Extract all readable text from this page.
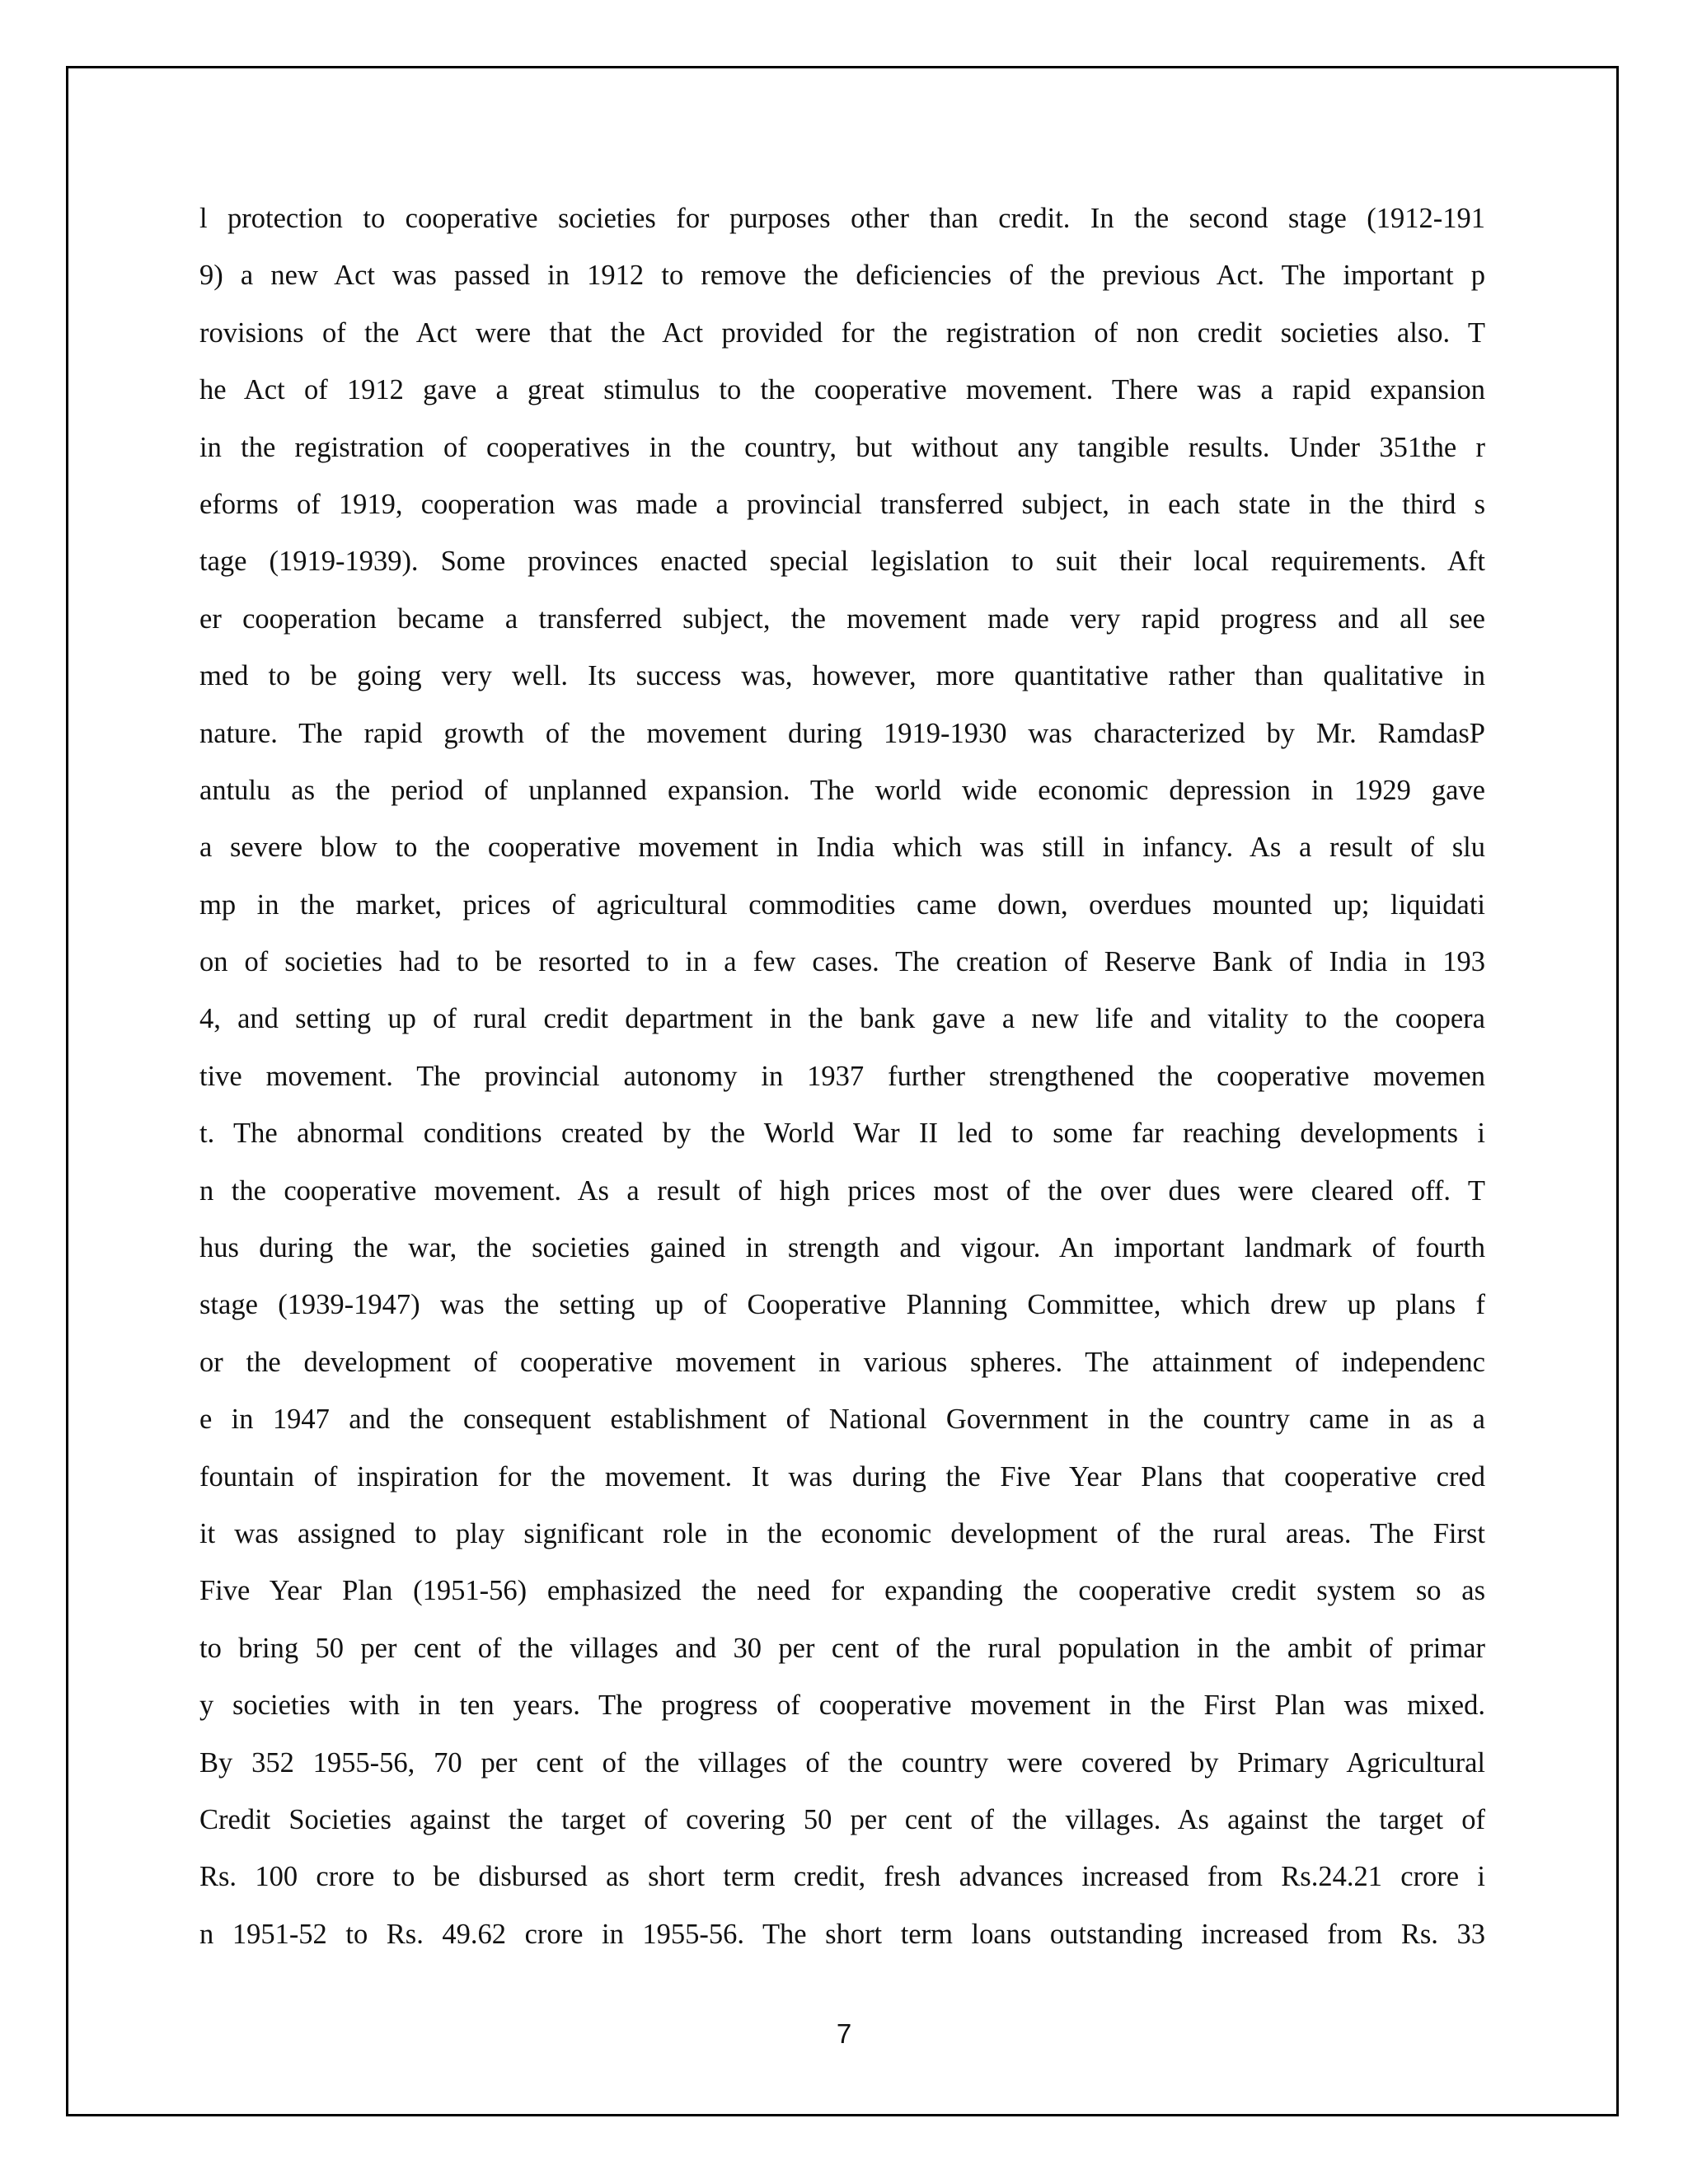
l protection to cooperative societies for purposes other than credit. In the second stage (1912-191
9) a new Act was passed in 1912 to remove the deficiencies of the previous Act. The important p
rovisions of the Act were that the Act provided for the registration of non credit societies also. T
he Act of 1912 gave a great stimulus to the cooperative movement. There was a rapid expansion
in the registration of cooperatives in the country, but without any tangible results. Under 351the r
eforms of 1919, cooperation was made a provincial transferred subject, in each state in the third s
tage (1919-1939). Some provinces enacted special legislation to suit their local requirements. Aft
er cooperation became a transferred subject, the movement made very rapid progress and all see
med to be going very well. Its success was, however, more quantitative rather than qualitative in
nature. The rapid growth of the movement during 1919-1930 was characterized by Mr. RamdasP
antulu as the period of unplanned expansion. The world wide economic depression in 1929 gave
a severe blow to the cooperative movement in India which was still in infancy. As a result of slu
mp in the market, prices of agricultural commodities came down, overdues mounted up; liquidati
on of societies had to be resorted to in a few cases. The creation of Reserve Bank of India in 193
4, and setting up of rural credit department in the bank gave a new life and vitality to the coopera
tive movement. The provincial autonomy in 1937 further strengthened the cooperative movemen
t. The abnormal conditions created by the World War II led to some far reaching developments i
n the cooperative movement. As a result of high prices most of the over dues were cleared off. T
hus during the war, the societies gained in strength and vigour. An important landmark of fourth
stage (1939-1947) was the setting up of Cooperative Planning Committee, which drew up plans f
or the development of cooperative movement in various spheres. The attainment of independenc
e in 1947 and the consequent establishment of National Government in the country came in as a
fountain of inspiration for the movement. It was during the Five Year Plans that cooperative cred
it was assigned to play significant role in the economic development of the rural areas. The First
Five Year Plan (1951-56) emphasized the need for expanding the cooperative credit system so as
to bring 50 per cent of the villages and 30 per cent of the rural population in the ambit of primar
y societies with in ten years. The progress of cooperative movement in the First Plan was mixed.
By 352 1955-56, 70 per cent of the villages of the country were covered by Primary Agricultural
Credit Societies against the target of covering 50 per cent of the villages. As against the target of
Rs. 100 crore to be disbursed as short term credit, fresh advances increased from Rs.24.21 crore i
n 1951-52 to Rs. 49.62 crore in 1955-56. The short term loans outstanding increased from Rs. 33
7
